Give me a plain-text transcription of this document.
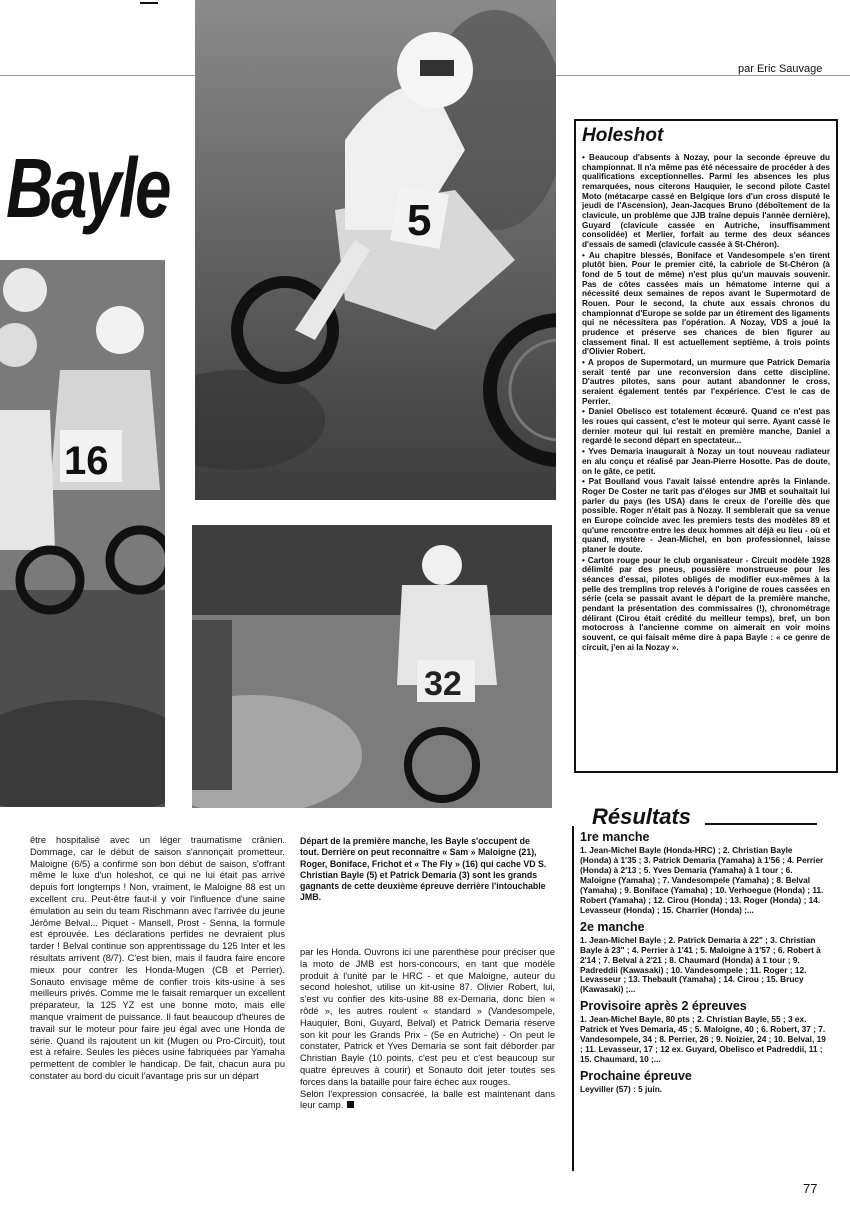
Bayle
par Eric Sauvage
5
16
32
Holeshot

• Beaucoup d'absents à Nozay, pour la seconde épreuve du championnat. Il n'a même pas été nécessaire de procéder à des qualifications exceptionnelles. Parmi les absences les plus remarquées, nous citerons Hauquier, le second pilote Castel Moto (métacarpe cassé en Belgique lors d'un cross disputé le jeudi de l'Ascension), Jean-Jacques Bruno (déboîtement de la clavicule, un problème que JJB traîne depuis l'année dernière), Guyard (clavicule cassée en Autriche, insuffisamment consolidée) et Merlier, forfait au terme des deux séances d'essais de samedi (clavicule cassée à St-Chéron).

• Au chapitre blessés, Boniface et Vandesompele s'en tirent plutôt bien. Pour le premier cité, la cabriole de St-Chéron (à fond de 5 tout de même) n'est plus qu'un mauvais souvenir. Pas de côtes cassées mais un hématome interne qui a nécessité deux semaines de repos avant le Supermotard de Rouen. Pour le second, la chute aux essais chronos du championnat d'Europe se solde par un étirement des ligaments qui ne nécessitera pas l'opération. A Nozay, VDS a joué la prudence et préserve ses chances de bien figurer au classement final. Il est actuellement septième, à trois points d'Olivier Robert.

• A propos de Supermotard, un murmure que Patrick Demaria serait tenté par une reconversion dans cette discipline. D'autres pilotes, sans pour autant abandonner le cross, seraient également tentés par l'expérience. C'est le cas de Perrier.

• Daniel Obelisco est totalement écœuré. Quand ce n'est pas les roues qui cassent, c'est le moteur qui serre. Ayant cassé le dernier moteur qui lui restait en première manche, Daniel a regardé le second départ en spectateur...

• Yves Demaria inaugurait à Nozay un tout nouveau radiateur en alu conçu et réalisé par Jean-Pierre Hosotte. Pas de doute, on le gâte, ce petit.

• Pat Boulland vous l'avait laissé entendre après la Finlande. Roger De Coster ne tarit pas d'éloges sur JMB et souhaitait lui parler du pays (les USA) dans le creux de l'oreille dès que possible. Roger n'était pas à Nozay. Il semblerait que sa venue en Europe coïncide avec les premiers tests des modèles 89 et qu'une rencontre entre les deux hommes ait déjà eu lieu - où et quand, mystère - Jean-Michel, en bon professionnel, laisse planer le doute.

• Carton rouge pour le club organisateur - Circuit modèle 1928 délimité par des pneus, poussière monstrueuse pour les séances d'essai, pilotes obligés de modifier eux-mêmes à la pelle des tremplins trop relevés à l'origine de roues cassées en série (cela se passait avant le départ de la première manche, pendant la présentation des commissaires (!), chronométrage délirant (Cirou était crédité du meilleur temps), bref, un bon motocross à l'ancienne comme on aimerait en voir moins souvent, ce qui faisait même dire à papa Bayle : « ce genre de circuit, j'en ai la Nozay ».

être hospitalisé avec un léger traumatisme crânien. Dommage, car le début de saison s'annonçait prometteur. Maloigne (6/5) a confirmé son bon début de saison, s'offrant même le luxe d'un holeshot, ce qui ne lui était pas arrivé depuis fort longtemps ! Non, vraiment, le Maloigne 88 est un excellent cru. Peut-être faut-il y voir l'influence d'une saine émulation au sein du team Rischmann avec l'arrivée du jeune Jérôme Belval... Piquet - Mansell, Prost - Senna, la formule est éprouvée. Les déclarations perfides ne devraient plus tarder ! Belval continue son apprentissage du 125 Inter et les résultats arrivent (8/7). C'est bien, mais il faudra faire encore mieux pour contrer les Honda-Mugen (CB et Perrier). Sonauto envisage même de confier trois kits-usine à ses meilleurs privés. Comme me le faisait remarquer un excellent préparateur, la 125 YZ est une bonne moto, mais elle manque vraiment de puissance. Il faut beaucoup d'heures de travail sur le moteur pour faire jeu égal avec une Honda de série. Quand ils rajoutent un kit (Mugen ou Pro-Circuit), tout est à refaire. Seules les pièces usine fabriquées par Yamaha permettent de combler le handicap. De fait, chacun aura pu constater au bord du cicuit l'avantage pris sur un départ

Départ de la première manche, les Bayle s'occupent de tout. Derrière on peut reconnaître « Sam » Maloigne (21), Roger, Boniface, Frichot et « The Fly » (16) qui cache VD S. Christian Bayle (5) et Patrick Demaria (3) sont les grands gagnants de cette deuxième épreuve derrière l'intouchable JMB.

par les Honda. Ouvrons ici une parenthèse pour préciser que la moto de JMB est hors-concours, en tant que modèle produit à l'unité par le HRC - et que Maloigne, auteur du second holeshot, utilise un kit-usine 87. Olivier Robert, lui, s'est vu confier des kits-usine 88 ex-Demaria, donc bien « rôdé », les autres roulent « standard » (Vandesompele, Hauquier, Boni, Guyard, Belval) et Patrick Demaria réserve son kit pour les Grands Prix - (5e en Autriche) - On peut le constater, Patrick et Yves Demaria se sont fait déborder par Christian Bayle (10 points, c'est peu et c'est beaucoup sur quatre épreuves à courir) et Sonauto doit jeter toutes ses forces dans la bataille pour faire échec aux rouges.

Selon l'expression consacrée, la balle est maintenant dans leur camp.

Résultats
1re manche
1. Jean-Michel Bayle (Honda-HRC) ; 2. Christian Bayle (Honda) à 1'35 ; 3. Patrick Demaria (Yamaha) à 1'56 ; 4. Perrier (Honda) à 2'13 ; 5. Yves Demaria (Yamaha) à 1 tour ; 6. Maloigne (Yamaha) ; 7. Vandesompele (Yamaha) ; 8. Belval (Yamaha) ; 9. Boniface (Yamaha) ; 10. Verhoegue (Honda) ; 11. Robert (Yamaha) ; 12. Cirou (Honda) ; 13. Roger (Honda) ; 14. Levasseur (Honda) ; 15. Charrier (Honda) ;...
2e manche
1. Jean-Michel Bayle ; 2. Patrick Demaria à 22" ; 3. Christian Bayle à 23" ; 4. Perrier à 1'41 ; 5. Maloigne à 1'57 ; 6. Robert à 2'14 ; 7. Belval à 2'21 ; 8. Chaumard (Honda) à 1 tour ; 9. Padreddii (Kawasaki) ; 10. Vandesompele ; 11. Roger ; 12. Levasseur ; 13. Thebault (Yamaha) ; 14. Cirou ; 15. Brucy (Kawasaki) ;...
Provisoire après 2 épreuves
1. Jean-Michel Bayle, 80 pts ; 2. Christian Bayle, 55 ; 3 ex. Patrick et Yves Demaria, 45 ; 5. Maloigne, 40 ; 6. Robert, 37 ; 7. Vandesompele, 34 ; 8. Perrier, 26 ; 9. Noizier, 24 ; 10. Belval, 19 ; 11. Levasseur, 17 ; 12 ex. Guyard, Obelisco et Padreddii, 11 ; 15. Chaumard, 10 ;...
Prochaine épreuve
Leyviller (57) : 5 juin.
77
